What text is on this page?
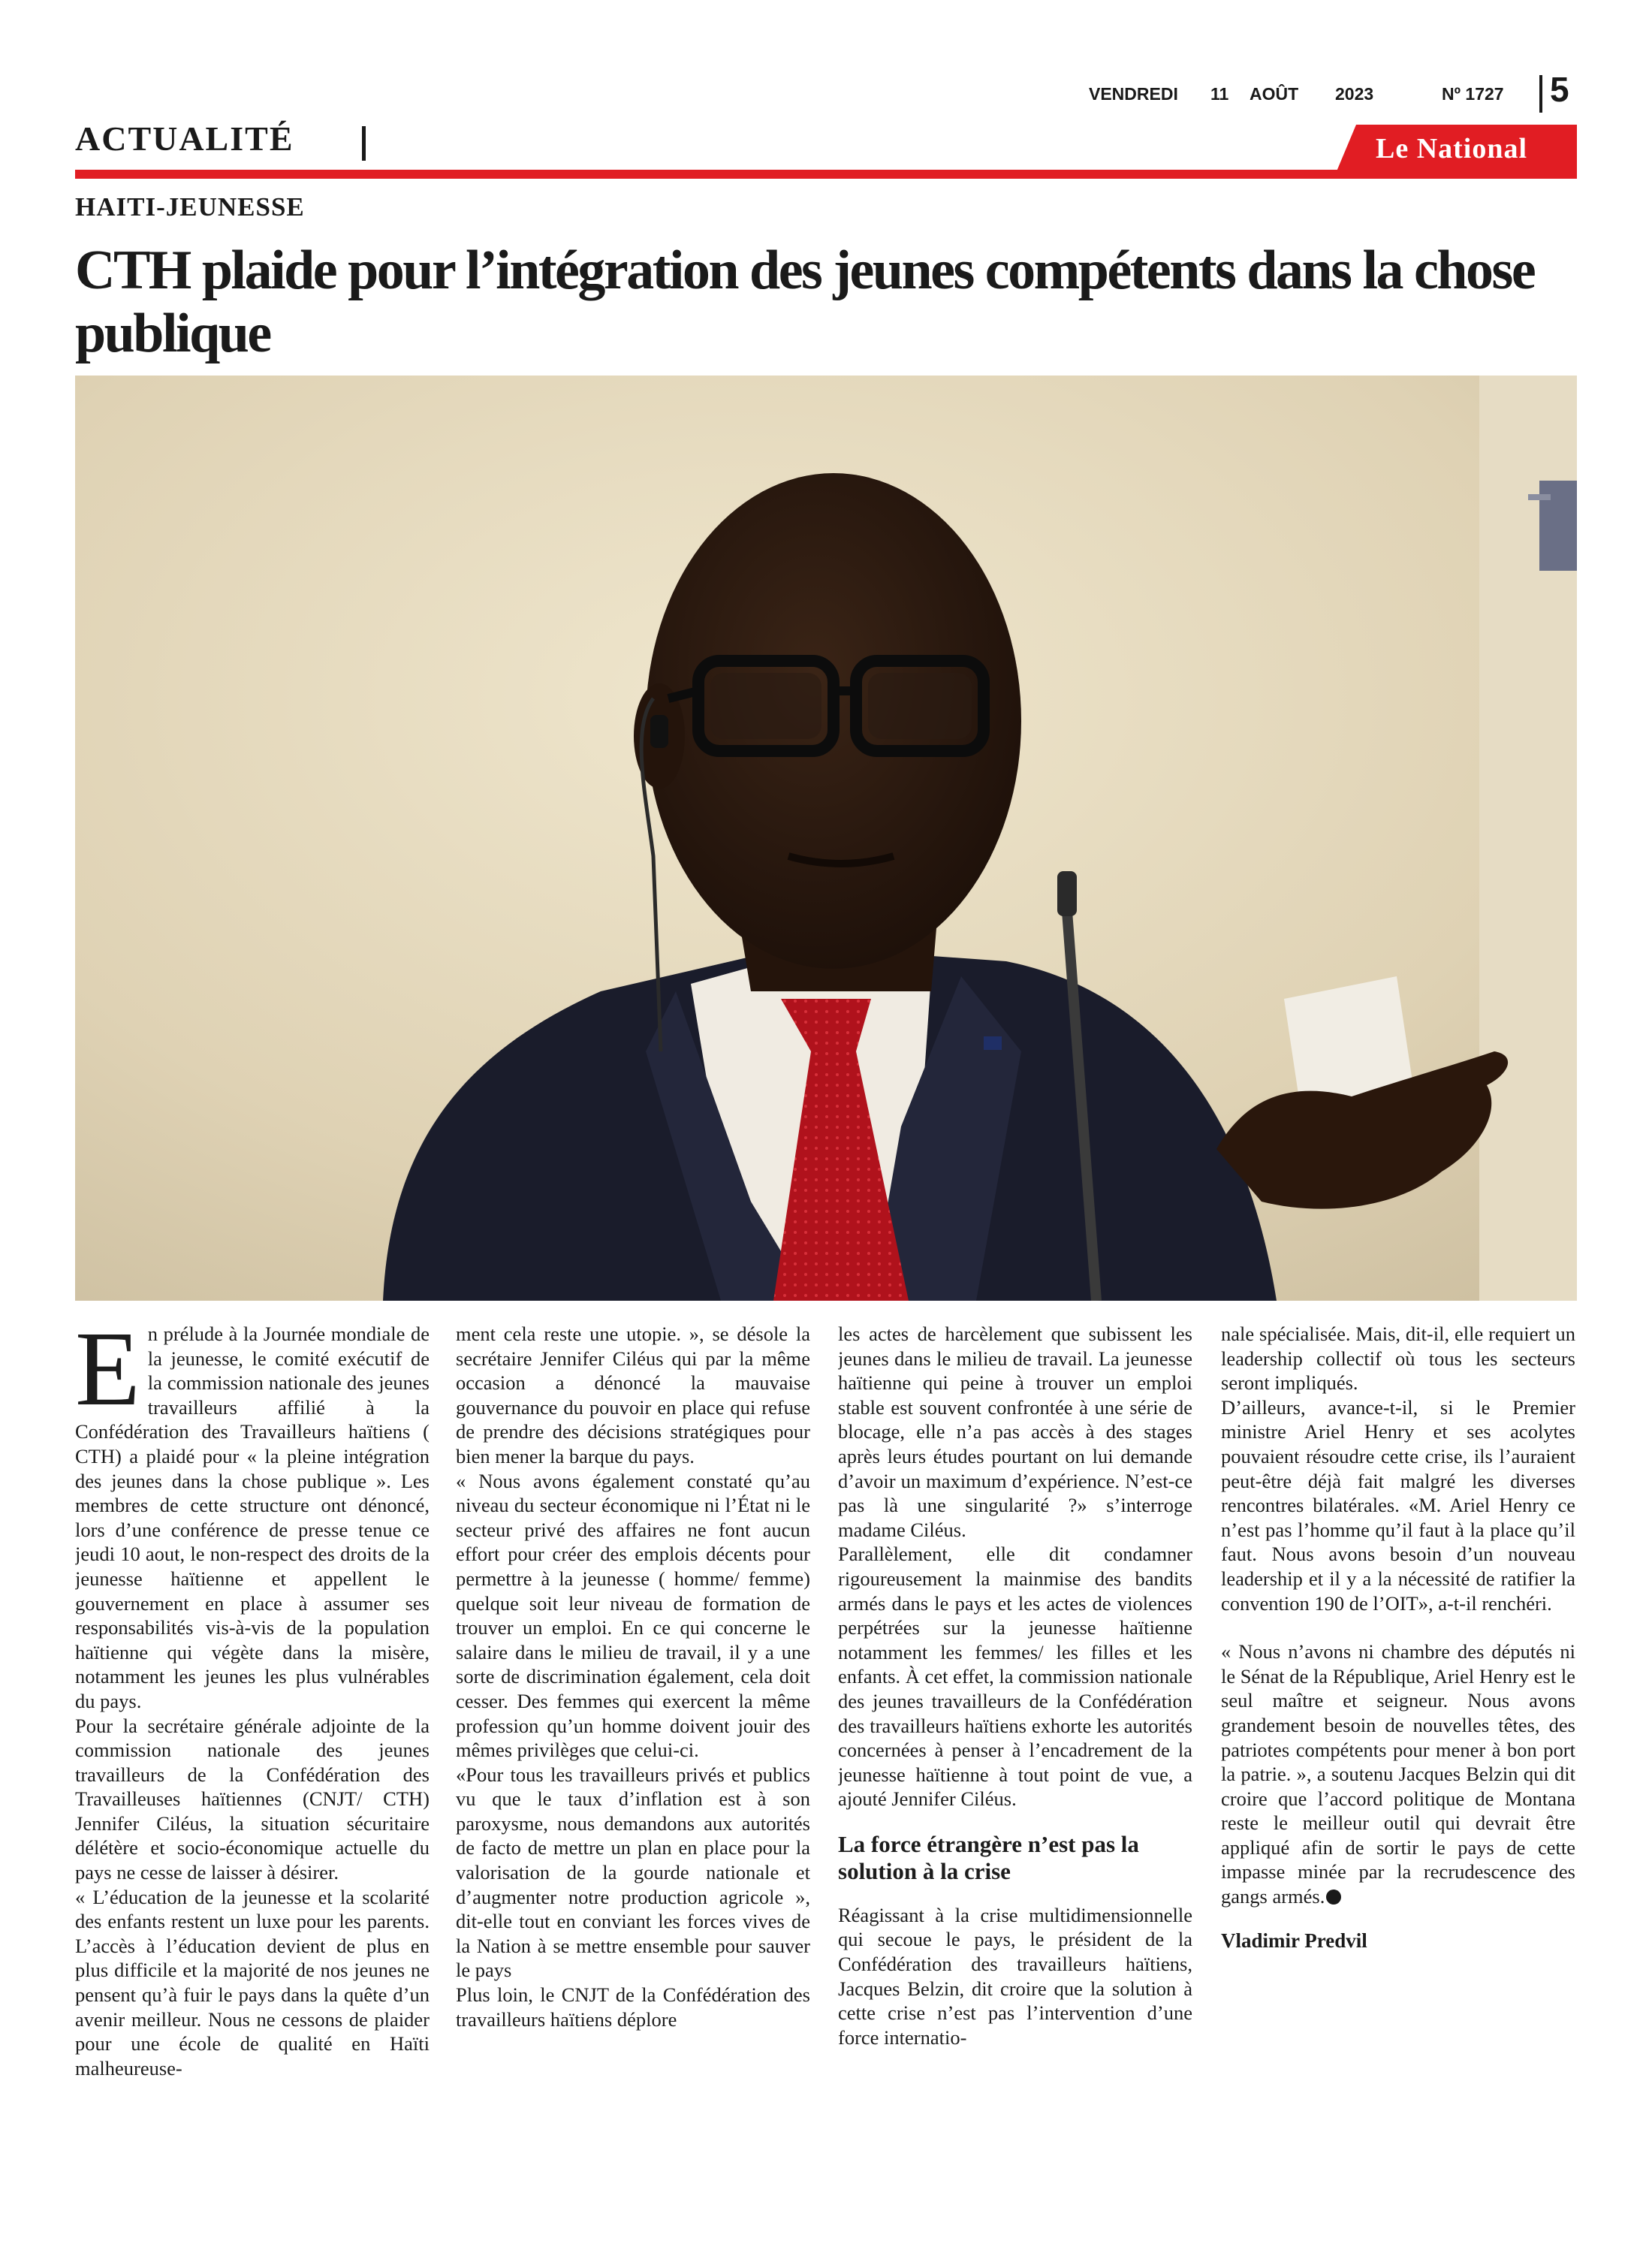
VENDREDI 11 AOÛT 2023	Nº 1727 5
ACTUALITÉ	Le National
HAITI-JEUNESSE
CTH plaide pour l’intégration des jeunes compétents dans la chose publique
E n prélude à la Journée mondiale de la jeunesse, le comité exécutif de la commission nationale des jeunes travailleurs affilié à la Confédération des Travailleurs haïtiens ( CTH) a plaidé pour « la pleine intégration des jeunes dans la chose publique ». Les membres de cette structure ont dénoncé, lors d’une conférence de presse tenue ce jeudi 10 aout, le non-respect des droits de la jeunesse haïtienne et appellent le gouvernement en place à assumer ses responsabilités vis-à-vis de la population haïtienne qui végète dans la misère, notamment les jeunes les plus vulnérables du pays.

Pour la secrétaire générale adjointe de la commission nationale des jeunes travailleurs de la Confédération des Travailleuses haïtiennes (CNJT/ CTH) Jennifer Ciléus, la situation sécuritaire délétère et socio-économique actuelle du pays ne cesse de laisser à désirer.

« L’éducation de la jeunesse et la scolarité des enfants restent un luxe pour les parents. L’accès à l’éducation devient de plus en plus difficile et la majorité de nos jeunes ne pensent qu’à fuir le pays dans la quête d’un avenir meilleur. Nous ne cessons de plaider pour une école de qualité en Haïti malheureuse-

ment cela reste une utopie. », se désole la secrétaire Jennifer Ciléus qui par la même occasion a dénoncé la mauvaise gouvernance du pouvoir en place qui refuse de prendre des décisions stratégiques pour bien mener la barque du pays.

« Nous avons également constaté qu’au niveau du secteur économique ni l’État ni le secteur privé des affaires ne font aucun effort pour créer des emplois décents pour permettre à la jeunesse ( homme/ femme) quelque soit leur niveau de formation de trouver un emploi. En ce qui concerne le salaire dans le milieu de travail, il y a une sorte de discrimination également, cela doit cesser. Des femmes qui exercent la même profession qu’un homme doivent jouir des mêmes privilèges que celui-ci.

«Pour tous les travailleurs privés et publics vu que le taux d’inflation est à son paroxysme, nous demandons aux autorités de facto de mettre un plan en place pour la valorisation de la gourde nationale et d’augmenter notre production agricole », dit-elle tout en conviant les forces vives de la Nation à se mettre ensemble pour sauver le pays

Plus loin, le CNJT de la Confédération des travailleurs haïtiens déplore

les actes de harcèlement que subissent les jeunes dans le milieu de travail. La jeunesse haïtienne qui peine à trouver un emploi stable est souvent confrontée à une série de blocage, elle n’a pas accès à des stages après leurs études pourtant on lui demande d’avoir un maximum d’expérience. N’est-ce pas là une singularité ?» s’interroge madame Ciléus.

Parallèlement, elle dit condamner rigoureusement la mainmise des bandits armés dans le pays et les actes de violences perpétrées sur la jeunesse haïtienne notamment les femmes/ les filles et les enfants. À cet effet, la commission nationale des jeunes travailleurs de la Confédération des travailleurs haïtiens exhorte les autorités concernées à penser à l’encadrement de la jeunesse haïtienne à tout point de vue, a ajouté Jennifer Ciléus.

La force étrangère n’est pas la solution à la crise

Réagissant à la crise multidimensionnelle qui secoue le pays, le président de la Confédération des travailleurs haïtiens, Jacques Belzin, dit croire que la solution à cette crise n’est pas l’intervention d’une force internatio-

nale spécialisée. Mais, dit-il, elle requiert un leadership collectif où tous les secteurs seront impliqués.

D’ailleurs, avance-t-il, si le Premier ministre Ariel Henry et ses acolytes pouvaient résoudre cette crise, ils l’auraient peut-être déjà fait malgré les diverses rencontres bilatérales. «M. Ariel Henry ce n’est pas l’homme qu’il faut à la place qu’il faut. Nous avons besoin d’un nouveau leadership et il y a la nécessité de ratifier la convention 190 de l’OIT», a-t-il renchéri.

« Nous n’avons ni chambre des députés ni le Sénat de la République, Ariel Henry est le seul maître et seigneur. Nous avons grandement besoin de nouvelles têtes, des patriotes compétents pour mener à bon port la patrie. », a soutenu Jacques Belzin qui dit croire que l’accord politique de Montana reste le meilleur outil qui devrait être appliqué afin de sortir le pays de cette impasse minée par la recrudescence des gangs armés.

Vladimir Predvil
